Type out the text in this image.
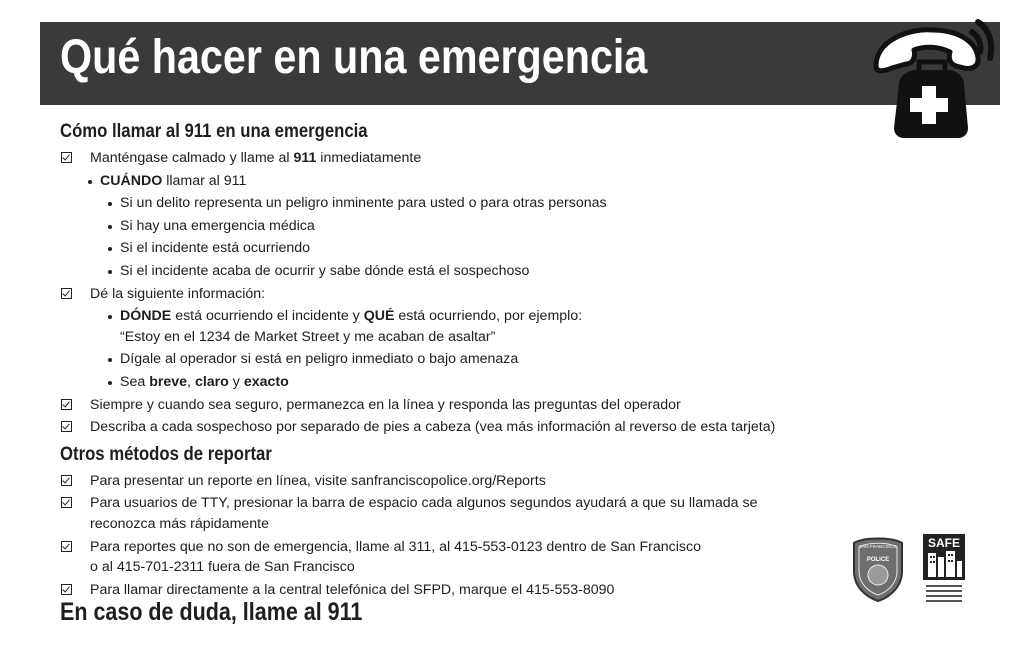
Qué hacer en una emergencia
Cómo llamar al 911 en una emergencia
Manténgase calmado y llame al 911 inmediatamente
CUÁNDO llamar al 911
Si un delito representa un peligro inminente para usted o para otras personas
Si hay una emergencia médica
Si el incidente está ocurriendo
Si el incidente acaba de ocurrir y sabe dónde está el sospechoso
Dé la siguiente información:
DÓNDE está ocurriendo el incidente y QUÉ está ocurriendo, por ejemplo:
“Estoy en el 1234 de Market Street y me acaban de asaltar”
Dígale al operador si está en peligro inmediato o bajo amenaza
Sea breve, claro y exacto
Siempre y cuando sea seguro, permanezca en la línea y responda las preguntas del operador
Describa a cada sospechoso por separado de pies a cabeza (vea más información al reverso de esta tarjeta)
Otros métodos de reportar
Para presentar un reporte en línea, visite sanfranciscopolice.org/Reports
Para usuarios de TTY, presionar la barra de espacio cada algunos segundos ayudará a que su llamada se
reconozca más rápidamente
Para reportes que no son de emergencia, llame al 311, al 415-553-0123 dentro de San Francisco
o al 415-701-2311 fuera de San Francisco
Para llamar directamente a la central telefónica del SFPD, marque el 415-553-8090
En caso de duda, llame al 911
SAN FRANCISCO
POLICE
SAFE
